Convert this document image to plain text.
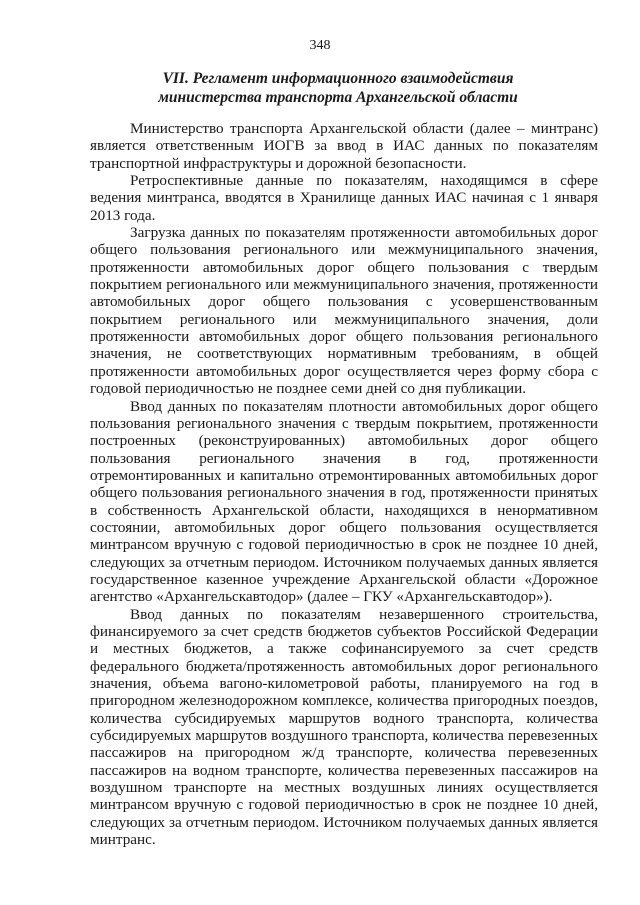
348
VII. Регламент информационного взаимодействия
министерства транспорта Архангельской области

Министерство транспорта Архангельской области (далее – минтранс) является ответственным ИОГВ за ввод в ИАС данных по показателям транспортной инфраструктуры и дорожной безопасности.

Ретроспективные данные по показателям, находящимся в сфере ведения минтранса, вводятся в Хранилище данных ИАС начиная с 1 января 2013 года.

Загрузка данных по показателям протяженности автомобильных дорог общего пользования регионального или межмуниципального значения, протяженности автомобильных дорог общего пользования с твердым покрытием регионального или межмуниципального значения, протяженности автомобильных дорог общего пользования с усовершенствованным покрытием регионального или межмуниципального значения, доли протяженности автомобильных дорог общего пользования регионального значения, не соответствующих нормативным требованиям, в общей протяженности автомобильных дорог осуществляется через форму сбора с годовой периодичностью не позднее семи дней со дня публикации.

Ввод данных по показателям плотности автомобильных дорог общего пользования регионального значения с твердым покрытием, протяженности построенных (реконструированных) автомобильных дорог общего пользования регионального значения в год, протяженности отремонтированных и капитально отремонтированных автомобильных дорог общего пользования регионального значения в год, протяженности принятых в собственность Архангельской области, находящихся в ненормативном состоянии, автомобильных дорог общего пользования осуществляется минтрансом вручную с годовой периодичностью в срок не позднее 10 дней, следующих за отчетным периодом. Источником получаемых данных является государственное казенное учреждение Архангельской области «Дорожное агентство «Архангельскавтодор» (далее – ГКУ «Архангельскавтодор»).

Ввод данных по показателям незавершенного строительства, финансируемого за счет средств бюджетов субъектов Российской Федерации и местных бюджетов, а также софинансируемого за счет средств федерального бюджета/протяженность автомобильных дорог регионального значения, объема вагоно-километровой работы, планируемого на год в пригородном железнодорожном комплексе, количества пригородных поездов, количества субсидируемых маршрутов водного транспорта, количества субсидируемых маршрутов воздушного транспорта, количества перевезенных пассажиров на пригородном ж/д транспорте, количества перевезенных пассажиров на водном транспорте, количества перевезенных пассажиров на воздушном транспорте на местных воздушных линиях осуществляется минтрансом вручную с годовой периодичностью в срок не позднее 10 дней, следующих за отчетным периодом. Источником получаемых данных является минтранс.
